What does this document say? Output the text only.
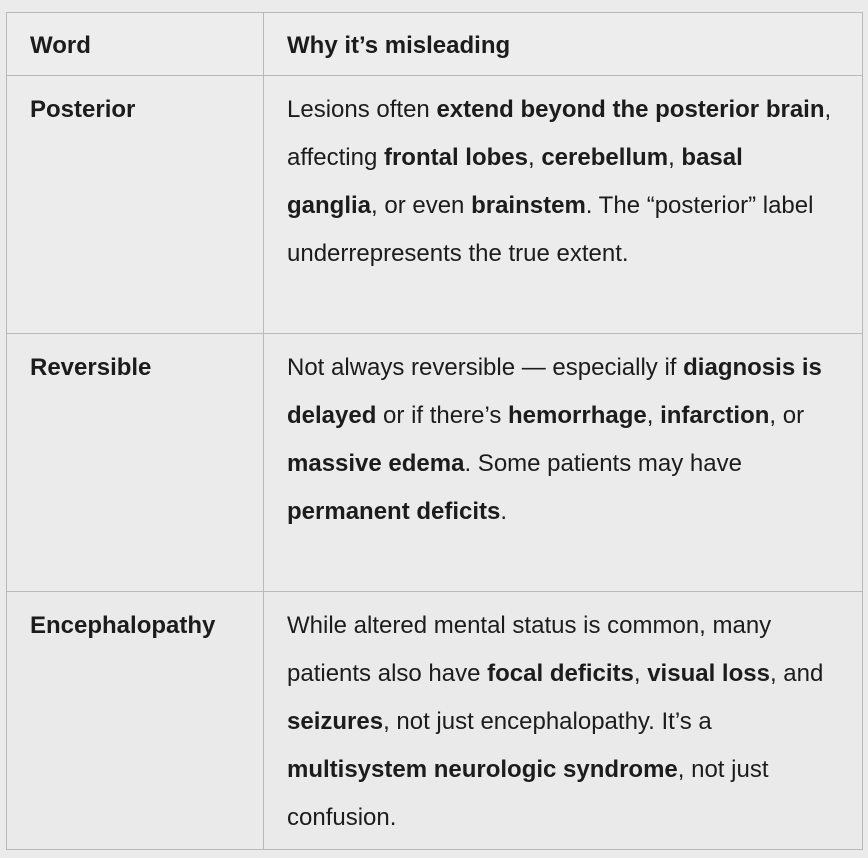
Word	Why it’s misleading
Posterior	Lesions often extend beyond the posterior brain, affecting frontal lobes, cerebellum, basal ganglia, or even brainstem. The “posterior” label underrepresents the true extent.
Reversible	Not always reversible — especially if diagnosis is delayed or if there’s hemorrhage, infarction, or massive edema. Some patients may have permanent deficits.
Encephalopathy	While altered mental status is common, many patients also have focal deficits, visual loss, and seizures, not just encephalopathy. It’s a multisystem neurologic syndrome, not just confusion.
